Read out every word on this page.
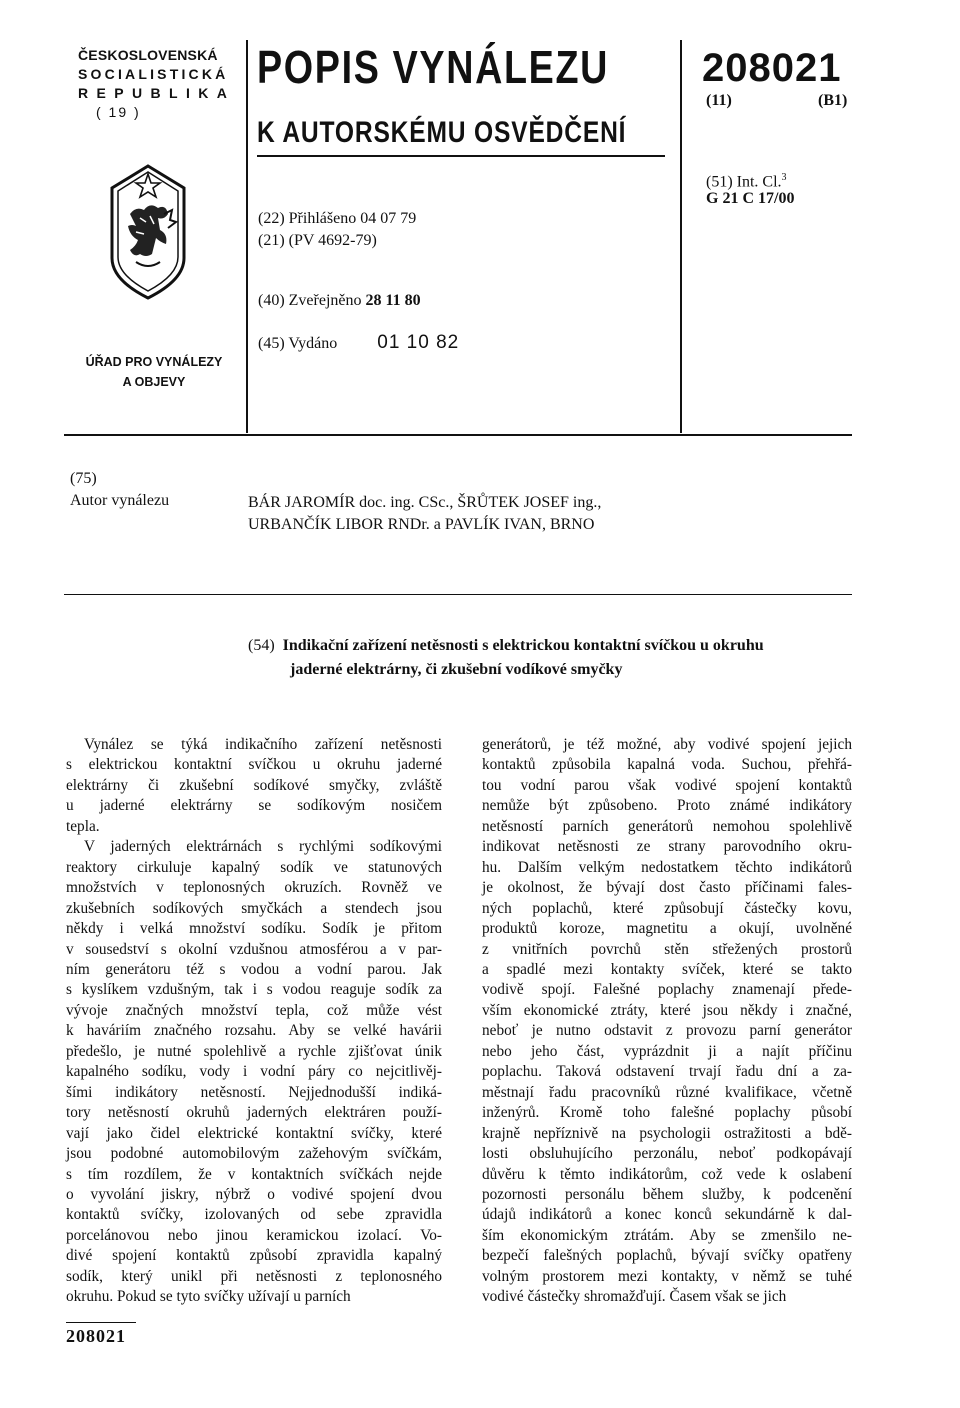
ČESKOSLOVENSKÁ
SOCIALISTICKÁ
REPUBLIKA
( 19 )
ÚŘAD PRO VYNÁLEZY
A OBJEVY
POPIS VYNÁLEZU
K AUTORSKÉMU OSVĚDČENÍ
(22) Přihlášeno 04 07 79
(21) (PV 4692-79)
(40) Zveřejněno 28 11 80
(45) Vydáno 01 10 82
208021
(11)	(B1)
(51) Int. Cl.$^3$
G 21 C 17/00
(75)
Autor vynálezu	BÁR JAROMÍR doc. ing. CSc., ŠRŮTEK JOSEF ing.,
URBANČÍK LIBOR RNDr. a PAVLÍK IVAN, BRNO
(54) Indikační zařízení netěsnosti s elektrickou kontaktní svíčkou u okruhu
jaderné elektrárny, či zkušební vodíkové smyčky
Vynález se týká indikačního zařízení netěsnosti
s elektrickou kontaktní svíčkou u okruhu jaderné
elektrárny či zkušební sodíkové smyčky, zvláště
u jaderné elektrárny se sodíkovým nosičem
tepla.
V jaderných elektrárnách s rychlými sodíkovými
reaktory cirkuluje kapalný sodík ve statunových
množstvích v teplonosných okruzích. Rovněž ve
zkušebních sodíkových smyčkách a stendech jsou
někdy i velká množství sodíku. Sodík je přitom
v sousedství s okolní vzdušnou atmosférou a v par-
ním generátoru též s vodou a vodní parou. Jak
s kyslíkem vzdušným, tak i s vodou reaguje sodík za
vývoje značných množství tepla, což může vést
k haváriím značného rozsahu. Aby se velké havárii
předešlo, je nutné spolehlivě a rychle zjišťovat únik
kapalného sodíku, vody i vodní páry co nejcitlivěj-
šími indikátory netěsností. Nejjednodušší indiká-
tory netěsností okruhů jaderných elektráren použí-
vají jako čidel elektrické kontaktní svíčky, které
jsou podobné automobilovým zažehovým svíčkám,
s tím rozdílem, že v kontaktních svíčkách nejde
o vyvolání jiskry, nýbrž o vodivé spojení dvou
kontaktů svíčky, izolovaných od sebe zpravidla
porcelánovou nebo jinou keramickou izolací. Vo-
divé spojení kontaktů způsobí zpravidla kapalný
sodík, který unikl při netěsnosti z teplonosného
okruhu. Pokud se tyto svíčky užívají u parních
generátorů, je též možné, aby vodivé spojení jejich
kontaktů způsobila kapalná voda. Suchou, přehřá-
tou vodní parou však vodivé spojení kontaktů
nemůže být způsobeno. Proto známé indikátory
netěsností parních generátorů nemohou spolehlivě
indikovat netěsnosti ze strany parovodního okru-
hu. Dalším velkým nedostatkem těchto indikátorů
je okolnost, že bývají dost často příčinami fales-
ných poplachů, které způsobují částečky kovu,
produktů koroze, magnetitu a okují, uvolněné
z vnitřních povrchů stěn střežených prostorů
a spadlé mezi kontakty svíček, které se takto
vodivě spojí. Falešné poplachy znamenají přede-
vším ekonomické ztráty, které jsou někdy i značné,
neboť je nutno odstavit z provozu parní generátor
nebo jeho část, vyprázdnit ji a najít příčinu
poplachu. Taková odstavení trvají řadu dní a za-
městnají řadu pracovníků různé kvalifikace, včetně
inženýrů. Kromě toho falešné poplachy působí
krajně nepříznivě na psychologii ostražitosti a bdě-
losti obsluhujícího perzonálu, neboť podkopávají
důvěru k těmto indikátorům, což vede k oslabení
pozornosti personálu během služby, k podcenění
údajů indikátorů a konec konců sekundárně k dal-
ším ekonomickým ztrátám. Aby se zmenšilo ne-
bezpečí falešných poplachů, bývají svíčky opatřeny
volným prostorem mezi kontakty, v němž se tuhé
vodivé částečky shromažďují. Časem však se jich
208021
